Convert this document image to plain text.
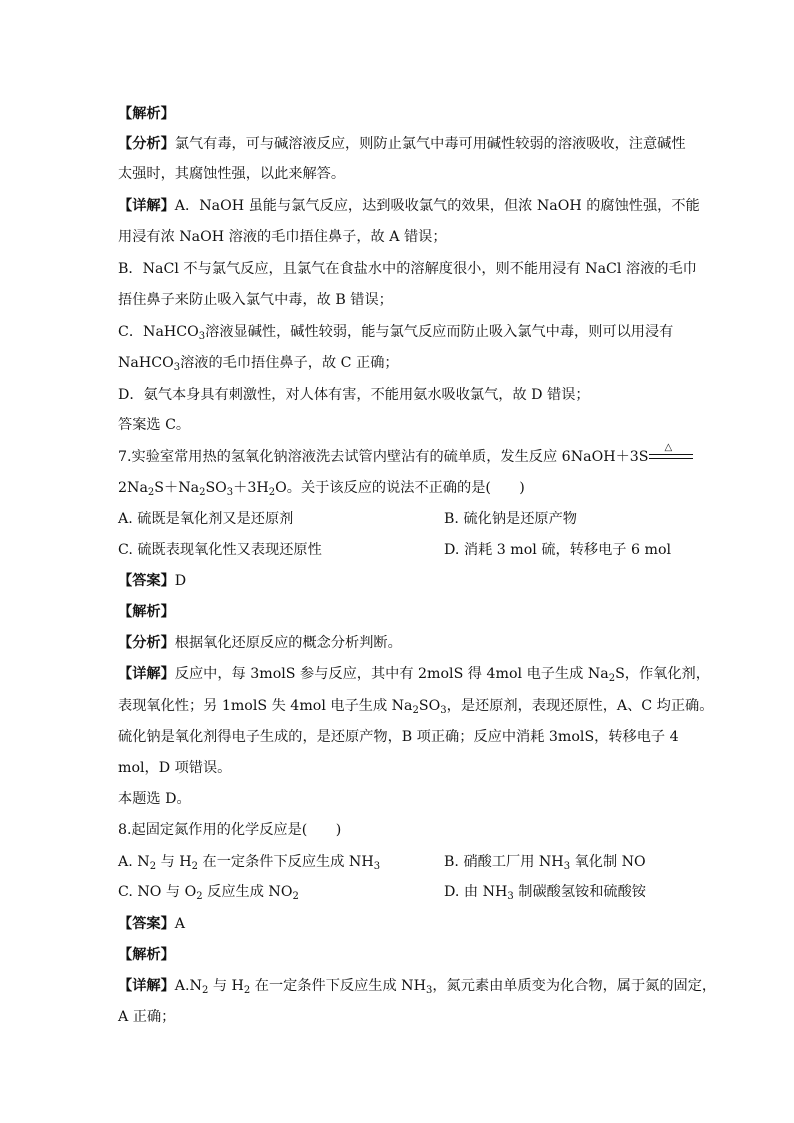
【解析】
【分析】氯气有毒，可与碱溶液反应，则防止氯气中毒可用碱性较弱的溶液吸收，注意碱性
太强时，其腐蚀性强，以此来解答。
【详解】A．NaOH 虽能与氯气反应，达到吸收氯气的效果，但浓 NaOH 的腐蚀性强，不能
用浸有浓 NaOH 溶液的毛巾捂住鼻子，故 A 错误；
B．NaCl 不与氯气反应，且氯气在食盐水中的溶解度很小，则不能用浸有 NaCl 溶液的毛巾
捂住鼻子来防止吸入氯气中毒，故 B 错误；
C．NaHCO$_3$溶液显碱性，碱性较弱，能与氯气反应而防止吸入氯气中毒，则可以用浸有
NaHCO$_3$溶液的毛巾捂住鼻子，故 C 正确；
D．氨气本身具有刺激性，对人体有害，不能用氨水吸收氯气，故 D 错误；
答案选 C。
7.实验室常用热的氢氧化钠溶液洗去试管内壁沾有的硫单质，发生反应 6NaOH＋3S
△
$2Na_2S+Na_2SO_3+3H_2O$。关于该反应的说法不正确的是(　　)
A. 硫既是氧化剂又是还原剂	B. 硫化钠是还原产物
C. 硫既表现氧化性又表现还原性	D. 消耗 3 mol 硫，转移电子 6 mol
【答案】D
【解析】
【分析】根据氧化还原反应的概念分析判断。
【详解】反应中，每 3molS 参与反应，其中有 2molS 得 4mol 电子生成 $Na_2S$，作氧化剂，
表现氧化性；另 1molS 失 4mol 电子生成 $Na_2SO_3$，是还原剂，表现还原性，A、C 均正确。
硫化钠是氧化剂得电子生成的，是还原产物，B 项正确；反应中消耗 3molS，转移电子 4
mol，D 项错误。
本题选 D。
8.起固定氮作用的化学反应是(　　)
A. $N_2$ 与 $H_2$ 在一定条件下反应生成 $NH_3$	B. 硝酸工厂用 $NH_3$ 氧化制 NO
C. NO 与 $O_2$ 反应生成 $NO_2$	D. 由 $NH_3$ 制碳酸氢铵和硫酸铵
【答案】A
【解析】
【详解】$A.N_2$ 与 $H_2$ 在一定条件下反应生成 $NH_3$，氮元素由单质变为化合物，属于氮的固定，
A 正确；
